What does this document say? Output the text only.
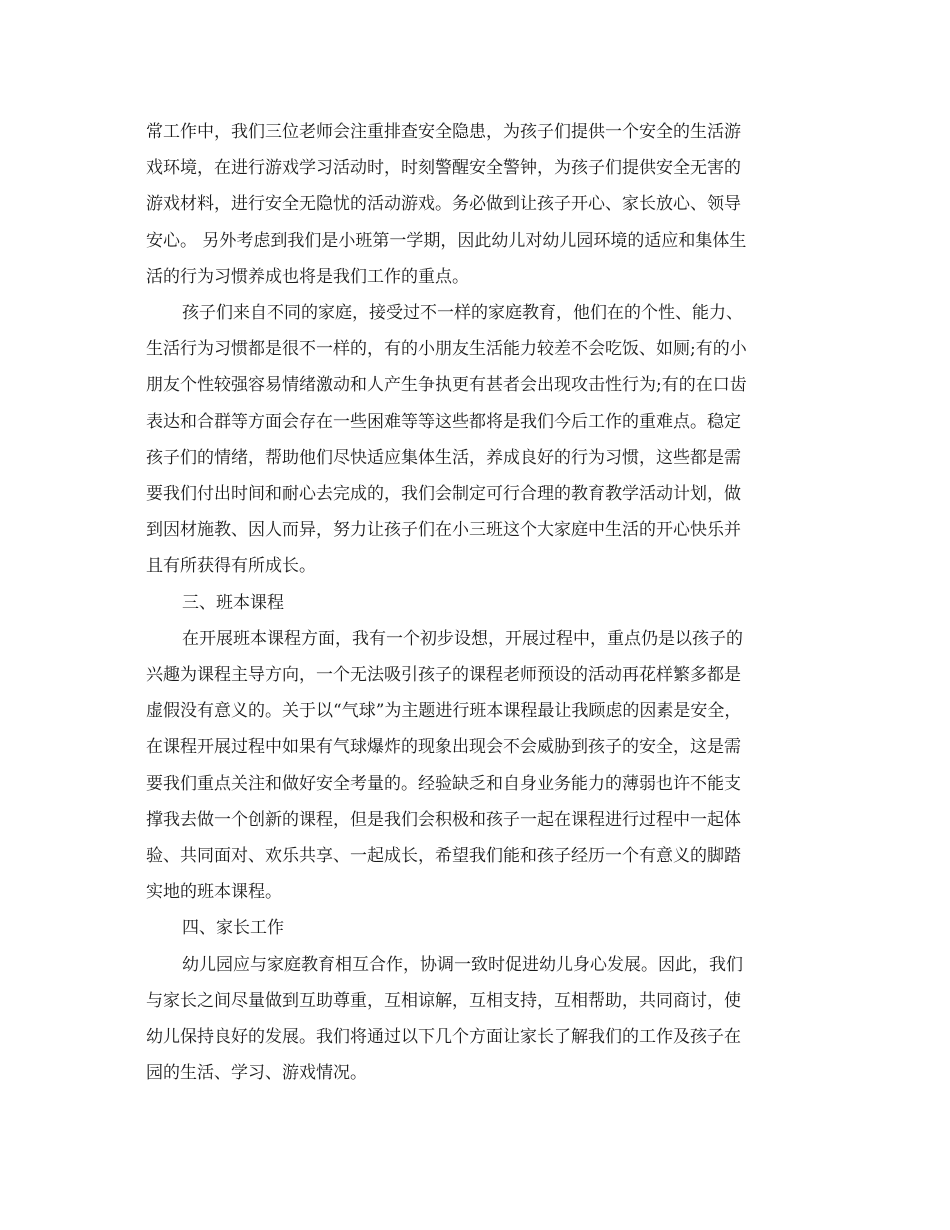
常工作中，我们三位老师会注重排查安全隐患，为孩子们提供一个安全的生活游
戏环境，在进行游戏学习活动时，时刻警醒安全警钟，为孩子们提供安全无害的
游戏材料，进行安全无隐忧的活动游戏。务必做到让孩子开心、家长放心、领导
安心。 另外考虑到我们是小班第一学期，因此幼儿对幼儿园环境的适应和集体生
活的行为习惯养成也将是我们工作的重点。

孩子们来自不同的家庭，接受过不一样的家庭教育，他们在的个性、能力、
生活行为习惯都是很不一样的，有的小朋友生活能力较差不会吃饭、如厕;有的小
朋友个性较强容易情绪激动和人产生争执更有甚者会出现攻击性行为;有的在口齿
表达和合群等方面会存在一些困难等等这些都将是我们今后工作的重难点。稳定
孩子们的情绪，帮助他们尽快适应集体生活，养成良好的行为习惯，这些都是需
要我们付出时间和耐心去完成的，我们会制定可行合理的教育教学活动计划，做
到因材施教、因人而异，努力让孩子们在小三班这个大家庭中生活的开心快乐并
且有所获得有所成长。

三、班本课程

在开展班本课程方面，我有一个初步设想，开展过程中，重点仍是以孩子的
兴趣为课程主导方向，一个无法吸引孩子的课程老师预设的活动再花样繁多都是
虚假没有意义的。关于以“气球”为主题进行班本课程最让我顾虑的因素是安全，
在课程开展过程中如果有气球爆炸的现象出现会不会威胁到孩子的安全，这是需
要我们重点关注和做好安全考量的。经验缺乏和自身业务能力的薄弱也许不能支
撑我去做一个创新的课程，但是我们会积极和孩子一起在课程进行过程中一起体
验、共同面对、欢乐共享、一起成长，希望我们能和孩子经历一个有意义的脚踏
实地的班本课程。

四、家长工作

幼儿园应与家庭教育相互合作，协调一致时促进幼儿身心发展。因此，我们
与家长之间尽量做到互助尊重，互相谅解，互相支持，互相帮助，共同商讨，使
幼儿保持良好的发展。我们将通过以下几个方面让家长了解我们的工作及孩子在
园的生活、学习、游戏情况。
